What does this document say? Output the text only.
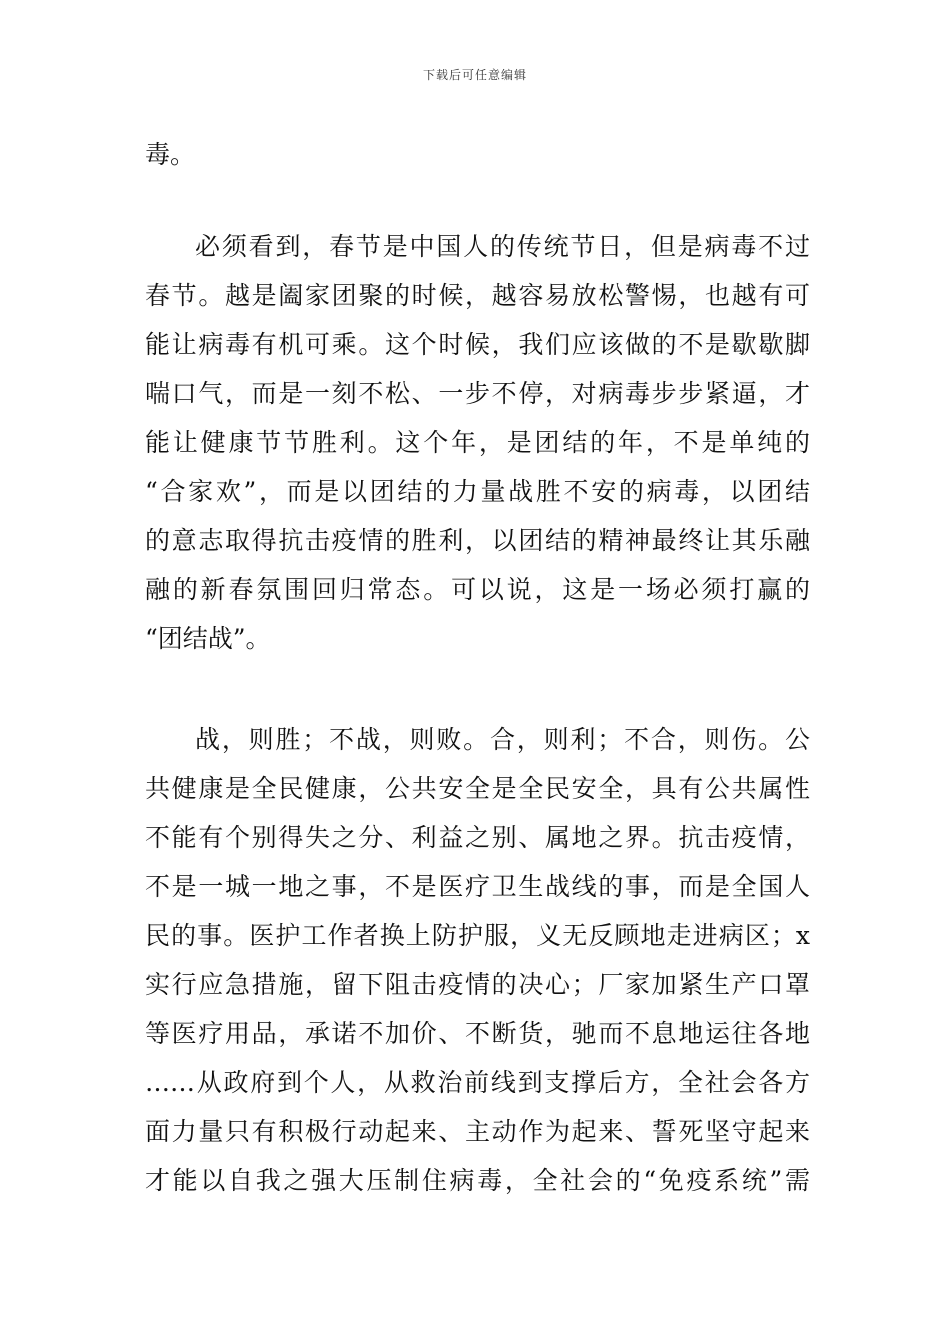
下载后可任意编辑
毒。
必须看到，春节是中国人的传统节日，但是病毒不过
春节。越是阖家团聚的时候，越容易放松警惕，也越有可
能让病毒有机可乘。这个时候，我们应该做的不是歇歇脚
喘口气，而是一刻不松、一步不停，对病毒步步紧逼，才
能让健康节节胜利。这个年，是团结的年，不是单纯的
“合家欢”，而是以团结的力量战胜不安的病毒，以团结
的意志取得抗击疫情的胜利，以团结的精神最终让其乐融
融的新春氛围回归常态。可以说，这是一场必须打赢的
“团结战”。
战，则胜；不战，则败。合，则利；不合，则伤。公
共健康是全民健康，公共安全是全民安全，具有公共属性
不能有个别得失之分、利益之别、属地之界。抗击疫情，
不是一城一地之事，不是医疗卫生战线的事，而是全国人
民的事。医护工作者换上防护服，义无反顾地走进病区；x
实行应急措施，留下阻击疫情的决心；厂家加紧生产口罩
等医疗用品，承诺不加价、不断货，驰而不息地运往各地
……从政府到个人，从救治前线到支撑后方，全社会各方
面力量只有积极行动起来、主动作为起来、誓死坚守起来
才能以自我之强大压制住病毒，全社会的“免疫系统”需
